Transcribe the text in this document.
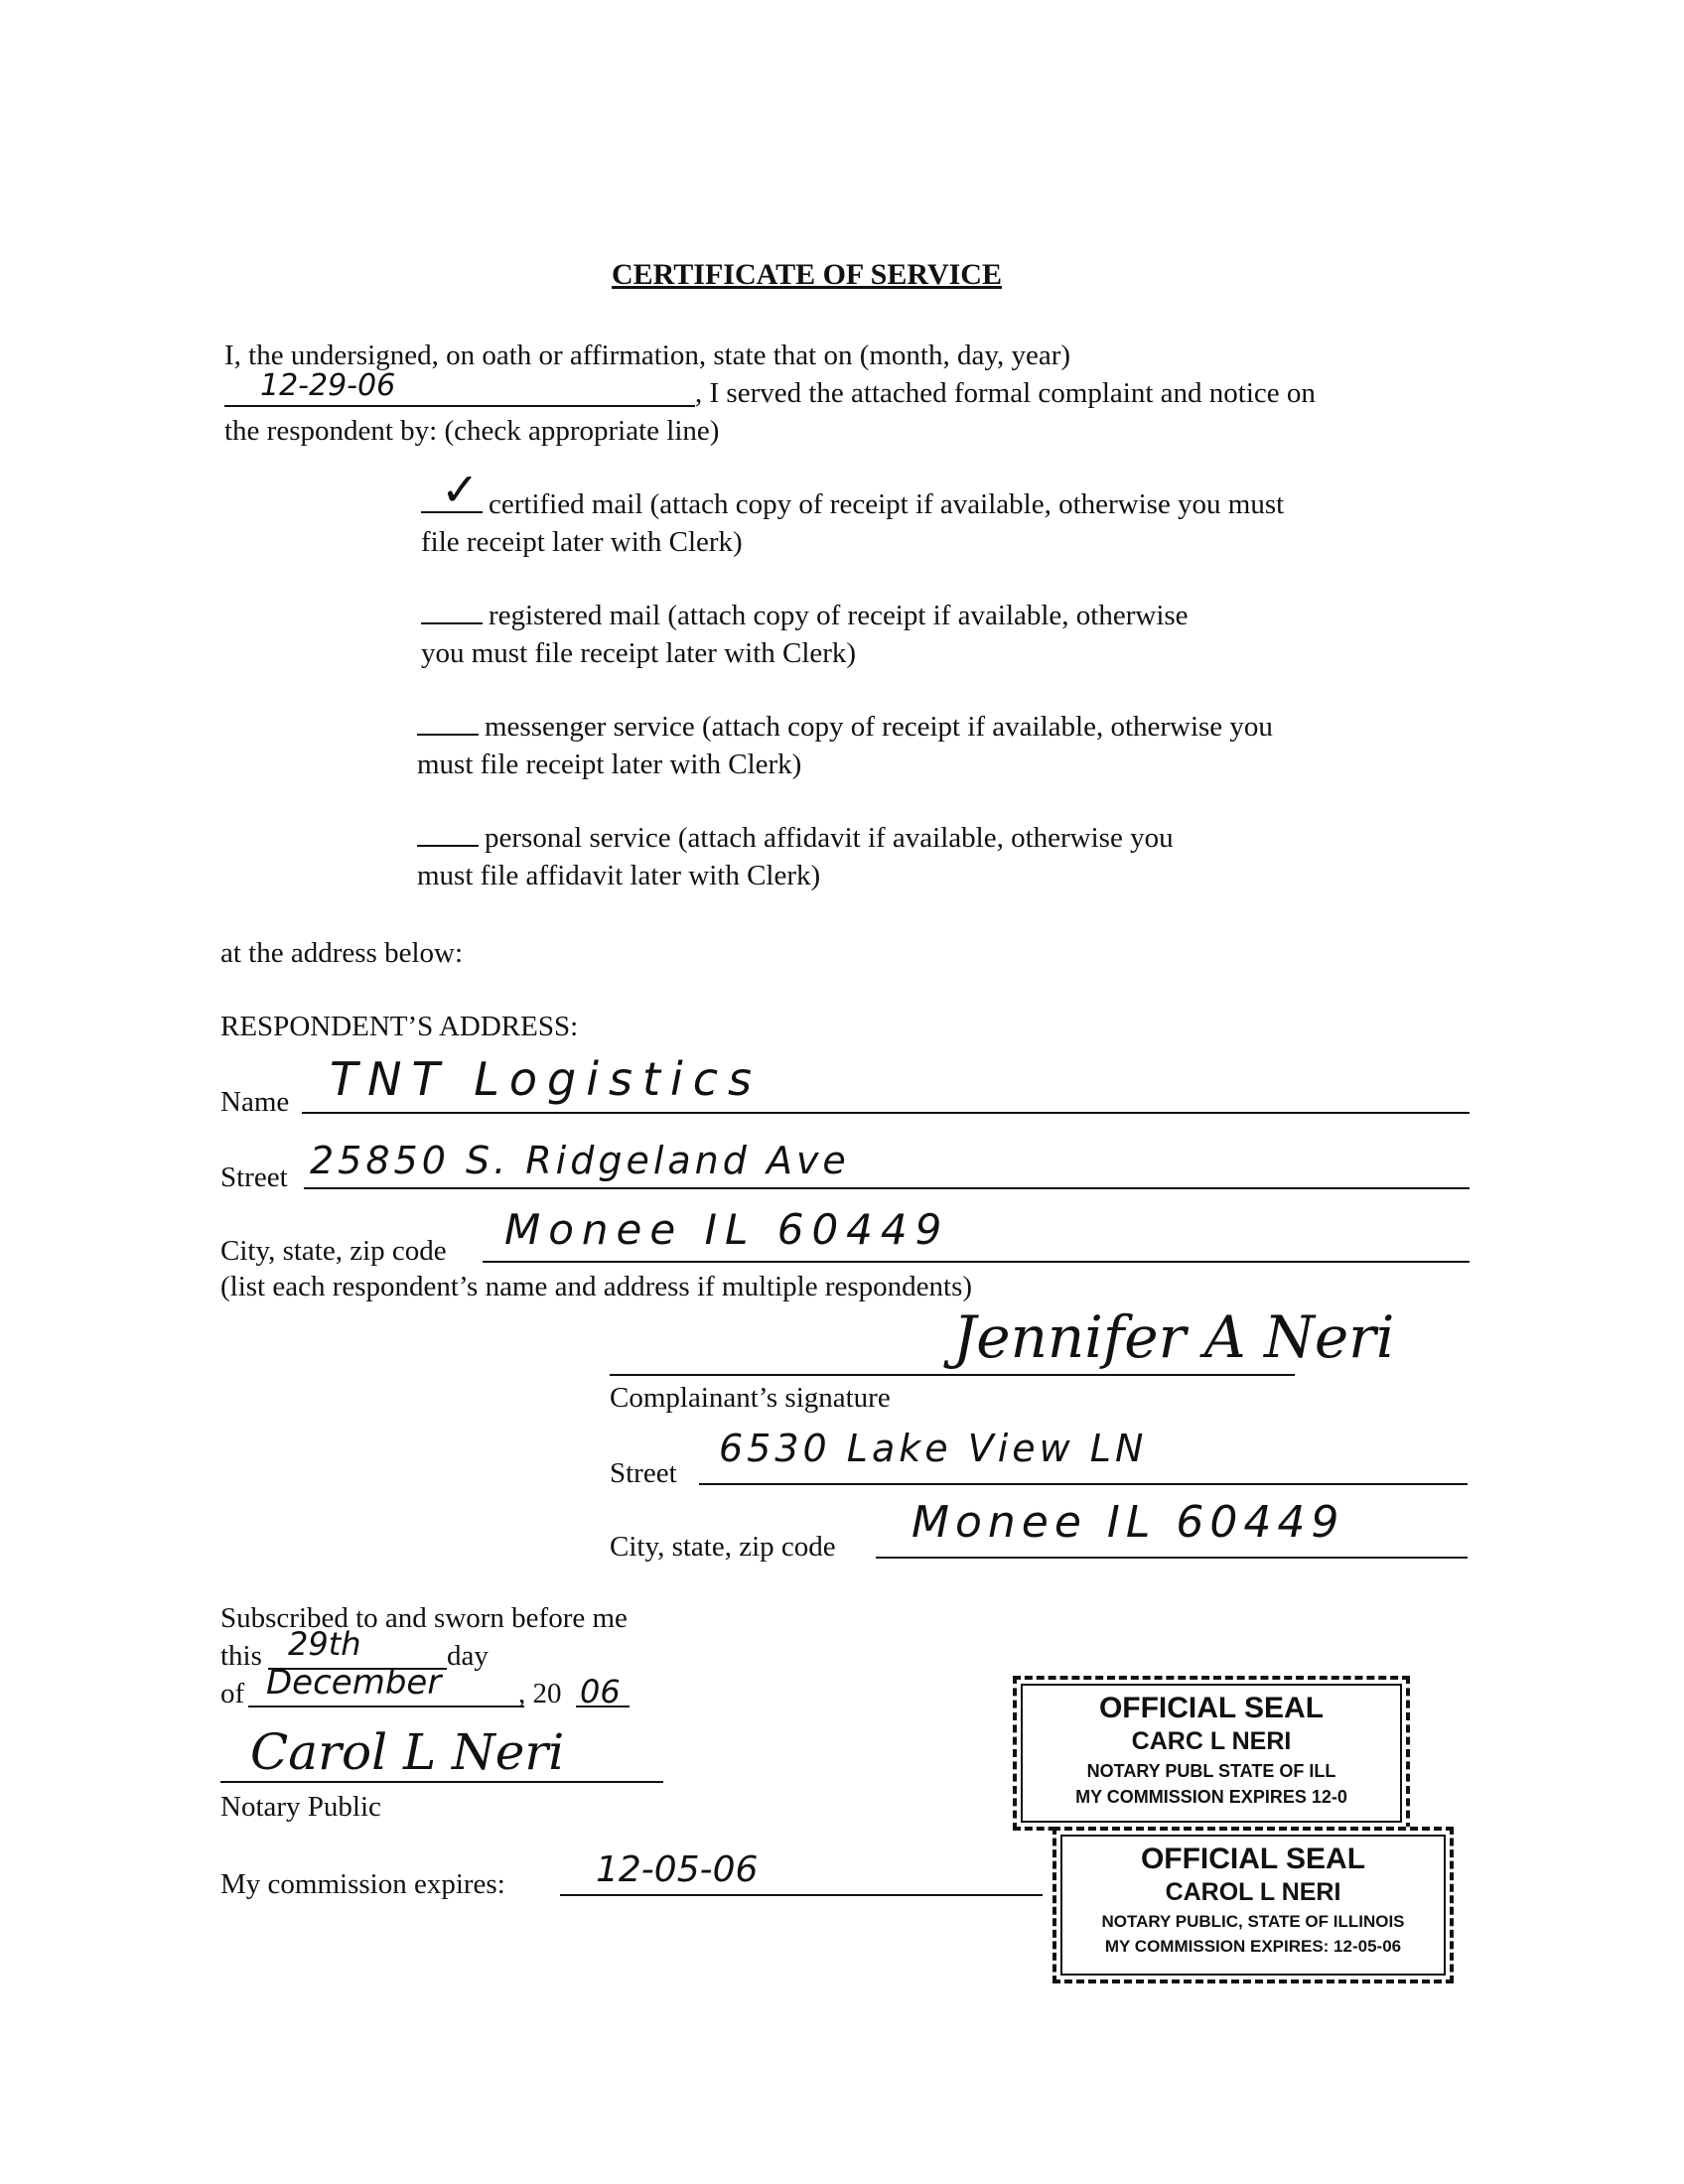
CERTIFICATE OF SERVICE
I, the undersigned, on oath or affirmation, state that on (month, day, year)
12-29-06	, I served the attached formal complaint and notice on
the respondent by: (check appropriate line)
✓ certified mail (attach copy of receipt if available, otherwise you must
file receipt later with Clerk)
registered mail (attach copy of receipt if available, otherwise
you must file receipt later with Clerk)
messenger service (attach copy of receipt if available, otherwise you
must file receipt later with Clerk)
personal service (attach affidavit if available, otherwise you
must file affidavit later with Clerk)
at the address below:
RESPONDENT’S ADDRESS:
Name TNT Logistics
Street 25850 S. Ridgeland Ave
City, state, zip code Monee IL 60449
(list each respondent’s name and address if multiple respondents)
Jennifer A Neri
Complainant’s signature
Street
6530 Lake View LN
City, state, zip code Monee IL 60449
Subscribed to and sworn before me
this 29th	day
of December	, 20 06
Carol L Neri
Notary Public
My commission expires:	12-05-06
OFFICIAL SEAL
CARC L NERI
NOTARY PUBL STATE OF ILL
MY COMMISSION EXPIRES 12-0
OFFICIAL SEAL
CAROL L NERI
NOTARY PUBLIC, STATE OF ILLINOIS
MY COMMISSION EXPIRES: 12-05-06
